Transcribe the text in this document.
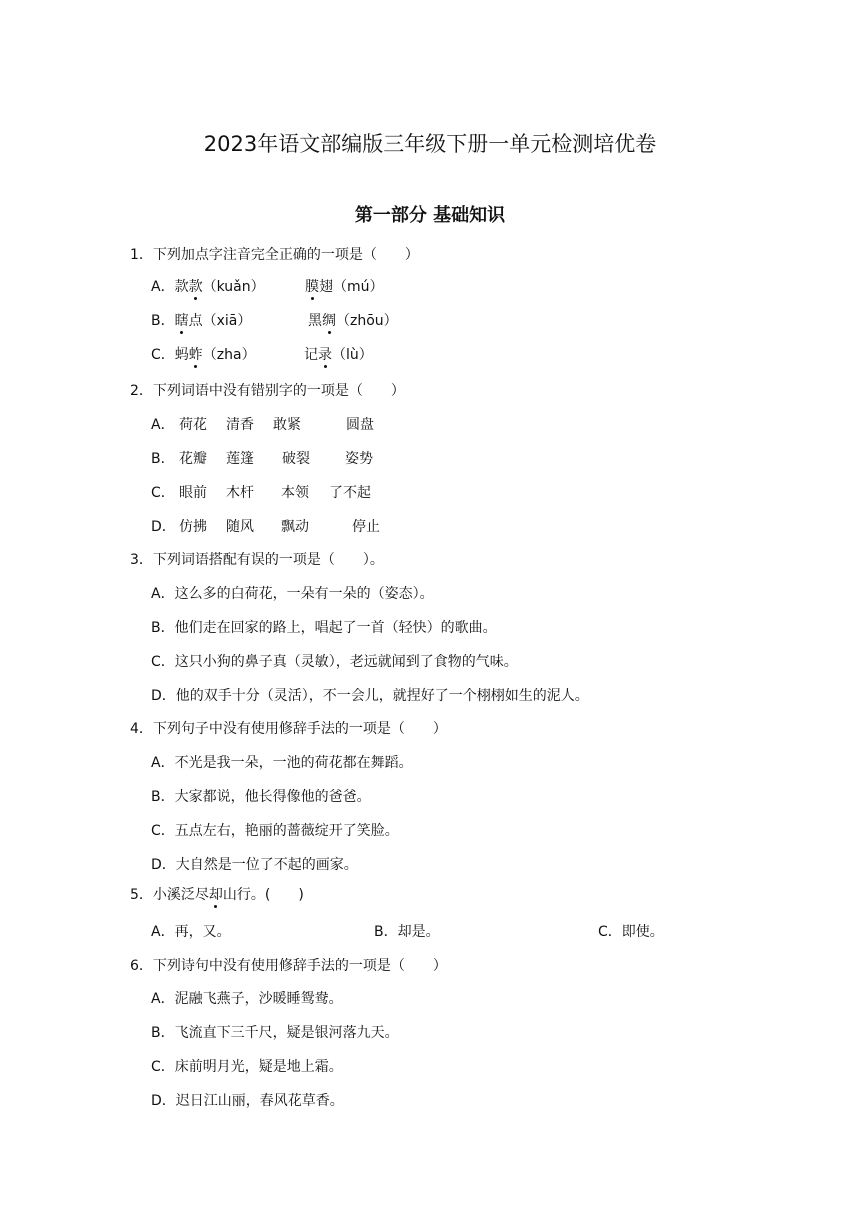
2023年语文部编版三年级下册一单元检测培优卷
第一部分 基础知识
1．下列加点字注音完全正确的一项是（　　）
A．款款（kuǎn）	膜翅（mú）
B．瞎点（xiā）	黑绸（zhōu）
C．蚂蚱（zha）	记录（lù）
2．下列词语中没有错别字的一项是（　　）
A． 荷花 清香 敢紧	圆盘
B． 花瓣 莲篷 破裂	姿势
C． 眼前 木杆 本领 了不起
D． 仿拂 随风 飘动	停止
3．下列词语搭配有误的一项是（　　）。
A．这么多的白荷花，一朵有一朵的（姿态）。
B．他们走在回家的路上，唱起了一首（轻快）的歌曲。
C．这只小狗的鼻子真（灵敏），老远就闻到了食物的气味。
D．他的双手十分（灵活），不一会儿，就捏好了一个栩栩如生的泥人。
4．下列句子中没有使用修辞手法的一项是（　　）
A．不光是我一朵，一池的荷花都在舞蹈。
B．大家都说，他长得像他的爸爸。
C．五点左右，艳丽的蔷薇绽开了笑脸。
D．大自然是一位了不起的画家。
5．小溪泛尽却山行。(　　)
A．再，又。	B．却是。	C．即使。
6．下列诗句中没有使用修辞手法的一项是（　　）
A．泥融飞燕子，沙暖睡鸳鸯。
B．飞流直下三千尺，疑是银河落九天。
C．床前明月光，疑是地上霜。
D．迟日江山丽，春风花草香。
